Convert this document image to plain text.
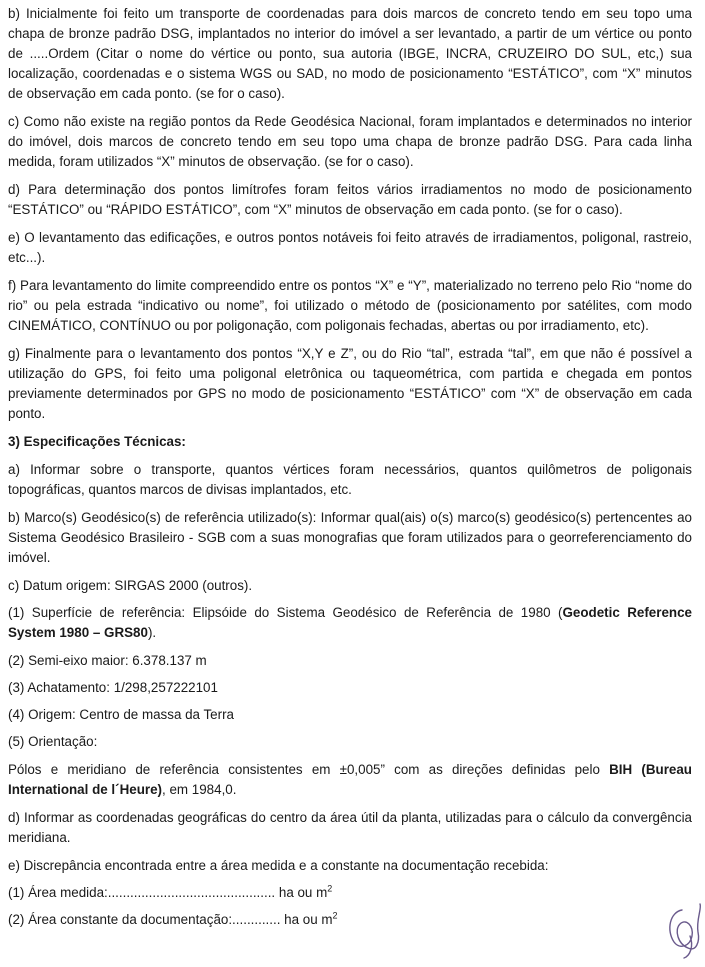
b) Inicialmente foi feito um transporte de coordenadas para dois marcos de concreto tendo em seu topo uma chapa de bronze padrão DSG, implantados no interior do imóvel a ser levantado, a partir de um vértice ou ponto de .....Ordem (Citar o nome do vértice ou ponto, sua autoria (IBGE, INCRA, CRUZEIRO DO SUL, etc,) sua localização, coordenadas e o sistema WGS ou SAD, no modo de posicionamento “ESTÁTICO”, com “X” minutos de observação em cada ponto. (se for o caso).

c) Como não existe na região pontos da Rede Geodésica Nacional, foram implantados e determinados no interior do imóvel, dois marcos de concreto tendo em seu topo uma chapa de bronze padrão DSG. Para cada linha medida, foram utilizados “X” minutos de observação. (se for o caso).

d) Para determinação dos pontos limítrofes foram feitos vários irradiamentos no modo de posicionamento “ESTÁTICO” ou “RÁPIDO ESTÁTICO”, com “X” minutos de observação em cada ponto. (se for o caso).

e) O levantamento das edificações, e outros pontos notáveis foi feito através de irradiamentos, poligonal, rastreio, etc...).

f) Para levantamento do limite compreendido entre os pontos “X” e “Y”, materializado no terreno pelo Rio “nome do rio” ou pela estrada “indicativo ou nome”, foi utilizado o método de (posicionamento por satélites, com modo CINEMÁTICO, CONTÍNUO ou por poligonação, com poligonais fechadas, abertas ou por irradiamento, etc).

g) Finalmente para o levantamento dos pontos “X,Y e Z”, ou do Rio “tal”, estrada “tal”, em que não é possível a utilização do GPS, foi feito uma poligonal eletrônica ou taqueométrica, com partida e chegada em pontos previamente determinados por GPS no modo de posicionamento “ESTÁTICO” com “X” de observação em cada ponto.

3) Especificações Técnicas:

a) Informar sobre o transporte, quantos vértices foram necessários, quantos quilômetros de poligonais topográficas, quantos marcos de divisas implantados, etc.

b) Marco(s) Geodésico(s) de referência utilizado(s): Informar qual(ais) o(s) marco(s) geodésico(s) pertencentes ao Sistema Geodésico Brasileiro - SGB com a suas monografias que foram utilizados para o georreferenciamento do imóvel.

c) Datum origem: SIRGAS 2000 (outros).

(1) Superfície de referência: Elipsóide do Sistema Geodésico de Referência de 1980 (Geodetic Reference System 1980 – GRS80).

(2) Semi-eixo maior: 6.378.137 m

(3) Achatamento: 1/298,257222101

(4) Origem: Centro de massa da Terra

(5) Orientação:

Pólos e meridiano de referência consistentes em ±0,005” com as direções definidas pelo BIH (Bureau International de l´Heure), em 1984,0.

d) Informar as coordenadas geográficas do centro da área útil da planta, utilizadas para o cálculo da convergência meridiana.

e) Discrepância encontrada entre a área medida e a constante na documentação recebida:

(1) Área medida:............................................. ha ou $m^2$

(2) Área constante da documentação:............. ha ou $m^2$
